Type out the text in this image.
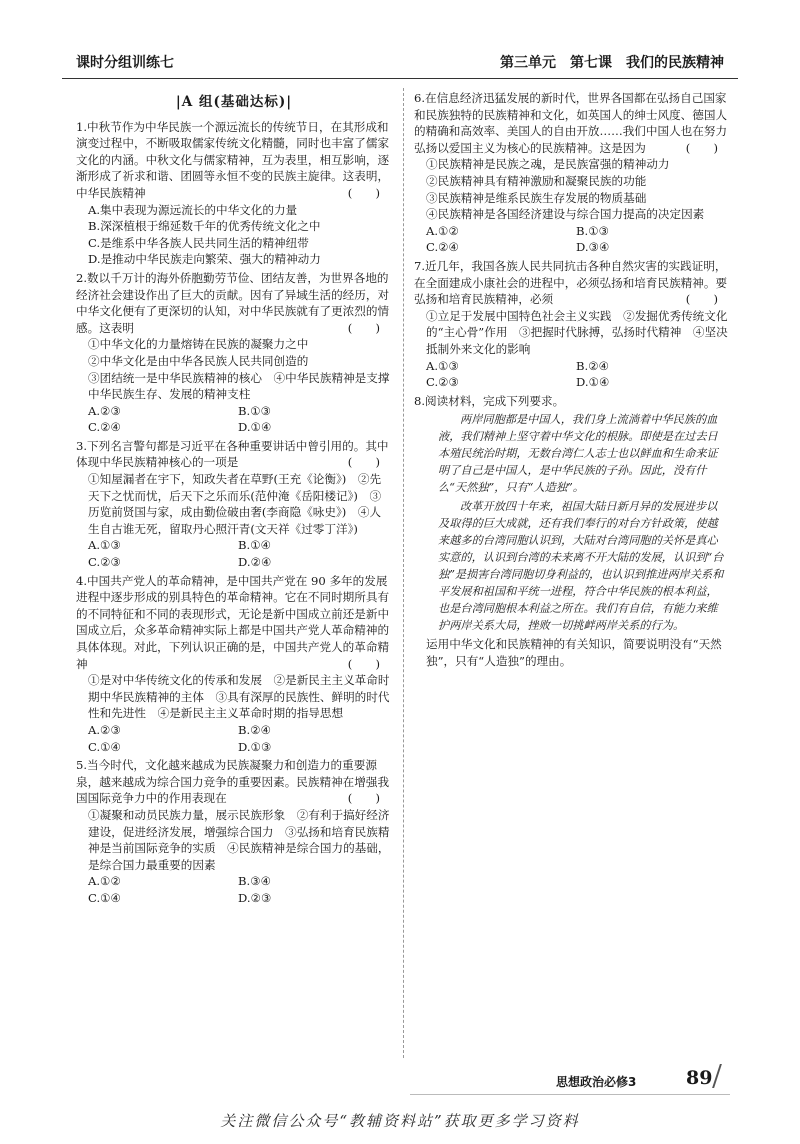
课时分组训练七	第三单元　第七课　我们的民族精神
|A 组(基础达标)|
1.中秋节作为中华民族一个源远流长的传统节日，在其形成和演变过程中，不断吸取儒家传统文化精髓，同时也丰富了儒家文化的内涵。中秋文化与儒家精神，互为表里，相互影响，逐渐形成了祈求和谐、团圆等永恒不变的民族主旋律。这表明，中华民族精神	(　　)
A.集中表现为源远流长的中华文化的力量
B.深深植根于绵延数千年的优秀传统文化之中
C.是维系中华各族人民共同生活的精神纽带
D.是推动中华民族走向繁荣、强大的精神动力
2.数以千万计的海外侨胞勤劳节俭、团结友善，为世界各地的经济社会建设作出了巨大的贡献。因有了异域生活的经历，对中华文化便有了更深切的认知，对中华民族就有了更浓烈的情感。这表明	(　　)
①中华文化的力量熔铸在民族的凝聚力之中
②中华文化是由中华各民族人民共同创造的
③团结统一是中华民族精神的核心　④中华民族精神是支撑中华民族生存、发展的精神支柱
A.②③	B.①③
C.②④	D.①④
3.下列名言警句都是习近平在各种重要讲话中曾引用的。其中体现中华民族精神核心的一项是	(　　)
①知屋漏者在宇下，知政失者在草野(王充《论衡》)　②先天下之忧而忧，后天下之乐而乐(范仲淹《岳阳楼记》)　③历览前贤国与家，成由勤俭破由奢(李商隐《咏史》)　④人生自古谁无死，留取丹心照汗青(文天祥《过零丁洋》)
A.①③	B.①④
C.②③	D.②④
4.中国共产党人的革命精神，是中国共产党在 90 多年的发展进程中逐步形成的别具特色的革命精神。它在不同时期所具有的不同特征和不同的表现形式，无论是新中国成立前还是新中国成立后，众多革命精神实际上都是中国共产党人革命精神的具体体现。对此，下列认识正确的是，中国共产党人的革命精神	(　　)
①是对中华传统文化的传承和发展　②是新民主主义革命时期中华民族精神的主体　③具有深厚的民族性、鲜明的时代性和先进性　④是新民主主义革命时期的指导思想
A.②③	B.②④
C.①④	D.①③
5.当今时代，文化越来越成为民族凝聚力和创造力的重要源泉，越来越成为综合国力竞争的重要因素。民族精神在增强我国国际竞争力中的作用表现在	(　　)
①凝聚和动员民族力量，展示民族形象　②有利于搞好经济建设，促进经济发展，增强综合国力　③弘扬和培育民族精神是当前国际竞争的实质　④民族精神是综合国力的基础，是综合国力最重要的因素
A.①②	B.③④
C.①④	D.②③
6.在信息经济迅猛发展的新时代，世界各国都在弘扬自己国家和民族独特的民族精神和文化，如英国人的绅士风度、德国人的精确和高效率、美国人的自由开放……我们中国人也在努力弘扬以爱国主义为核心的民族精神。这是因为	(　　)
①民族精神是民族之魂，是民族富强的精神动力
②民族精神具有精神激励和凝聚民族的功能
③民族精神是维系民族生存发展的物质基础
④民族精神是各国经济建设与综合国力提高的决定因素
A.①②	B.①③
C.②④	D.③④
7.近几年，我国各族人民共同抗击各种自然灾害的实践证明，在全面建成小康社会的进程中，必须弘扬和培育民族精神。要弘扬和培育民族精神，必须	(　　)
①立足于发展中国特色社会主义实践　②发掘优秀传统文化的“主心骨”作用　③把握时代脉搏，弘扬时代精神　④坚决抵制外来文化的影响
A.①③	B.②④
C.②③	D.①④
8.阅读材料，完成下列要求。

两岸同胞都是中国人，我们身上流淌着中华民族的血液，我们精神上坚守着中华文化的根脉。即使是在过去日本殖民统治时期，无数台湾仁人志士也以鲜血和生命来证明了自己是中国人，是中华民族的子孙。因此，没有什么“天然独”，只有“人造独”。

改革开放四十年来，祖国大陆日新月异的发展进步以及取得的巨大成就，还有我们奉行的对台方针政策，使越来越多的台湾同胞认识到，大陆对台湾同胞的关怀是真心实意的，认识到台湾的未来离不开大陆的发展，认识到“台独”是损害台湾同胞切身利益的，也认识到推进两岸关系和平发展和祖国和平统一进程，符合中华民族的根本利益，也是台湾同胞根本利益之所在。我们有自信，有能力来维护两岸关系大局，挫败一切挑衅两岸关系的行为。

运用中华文化和民族精神的有关知识，简要说明没有“天然独”，只有“人造独”的理由。
思想政治必修3	89
关注微信公众号“教辅资料站”获取更多学习资料
